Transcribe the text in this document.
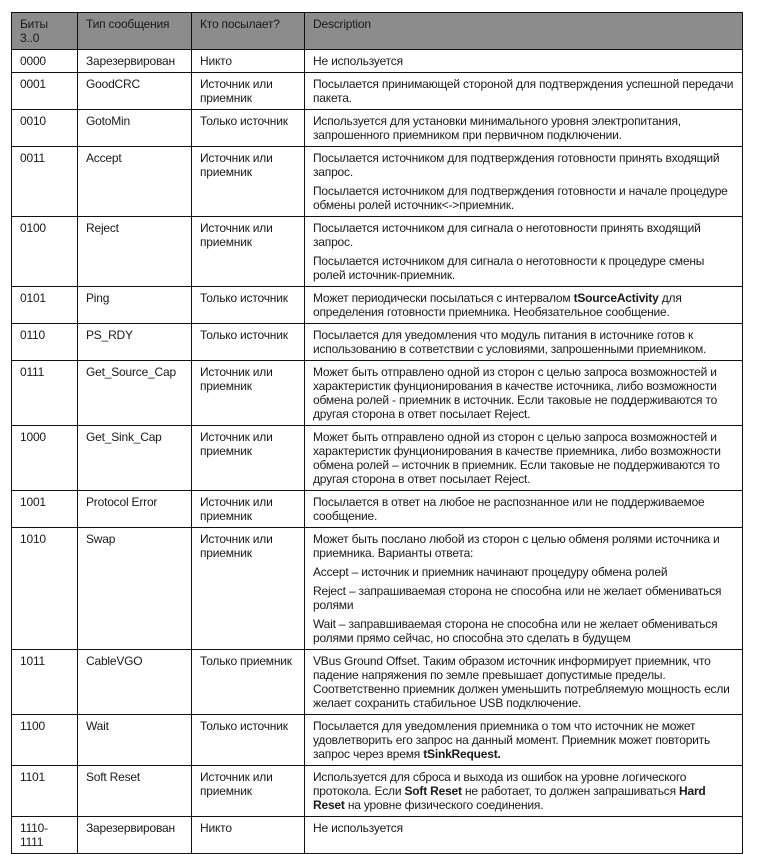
Биты 3..0	Тип сообщения	Кто посылает?	Description
0000	Зарезервирован	Никто	Не используется

0001	GoodCRC	Источник или приемник	Посылается принимающей стороной для подтверждения успешной передачи пакета.

0010	GotoMin	Только источник	Используется для установки минимального уровня электропитания, запрошенного приемником при первичном подключении.

0011	Accept	Источник или приемник	Посылается источником для подтверждения готовности принять входящий запрос.

Посылается источником для подтверждения готовности и начале процедуре обмены ролей источник<->приемник.

0100	Reject	Источник или приемник	Посылается источником для сигнала о неготовности принять входящий запрос.

Посылается источником для сигнала о неготовности к процедуре смены ролей источник-приемник.

0101	Ping	Только источник	Может периодически посылаться с интервалом tSourceActivity для определения готовности приемника. Необязательное сообщение.

0110	PS_RDY	Только источник	Посылается для уведомления что модуль питания в источнике готов к использованию в сответствии с условиями, запрошенными приемником.

0111	Get_Source_Cap	Источник или приемник	Может быть отправлено одной из сторон с целью запроса возможностей и характеристик фунционирования в качестве источника, либо возможности обмена ролей - приемник в источник. Если таковые не поддерживаются то другая сторона в ответ посылает Reject.

1000	Get_Sink_Cap	Источник или приемник	Может быть отправлено одной из сторон с целью запроса возможностей и характеристик фунционирования в качестве приемника, либо возможности обмена ролей – источник в приемник. Если таковые не поддерживаются то другая сторона в ответ посылает Reject.

1001	Protocol Error	Источник или приемник	Посылается в ответ на любое не распознанное или не поддерживаемое сообщение.

1010	Swap	Источник или приемник	Может быть послано любой из сторон с целью обменя ролями источника и приемника. Варианты ответа:

Accept – источник и приемник начинают процедуру обмена ролей

Reject – запрашиваемая сторона не способна или не желает обмениваться ролями

Wait – заправшиваемая сторона не способна или не желает обмениваться ролями прямо сейчас, но способна это сделать в будущем

1011	CableVGO	Только приемник	VBus Ground Offset. Таким образом источник информирует приемник, что падение напряжения по земле превышает допустимые пределы. Соответственно приемник должен уменьшить потребляемую мощность если желает сохранить стабильное USB подключение.

1100	Wait	Только источник	Посылается для уведомления приемника о том что источник не может удовлетворить его запрос на данный момент. Приемник может повторить запрос через время tSinkRequest.

1101	Soft Reset	Источник или приемник	Используется для сброса и выхода из ошибок на уровне логического протокола. Если Soft Reset не работает, то должен запрашиваться Hard Reset на уровне физического соединения.

1110-1111	Зарезервирован	Никто	Не используется
